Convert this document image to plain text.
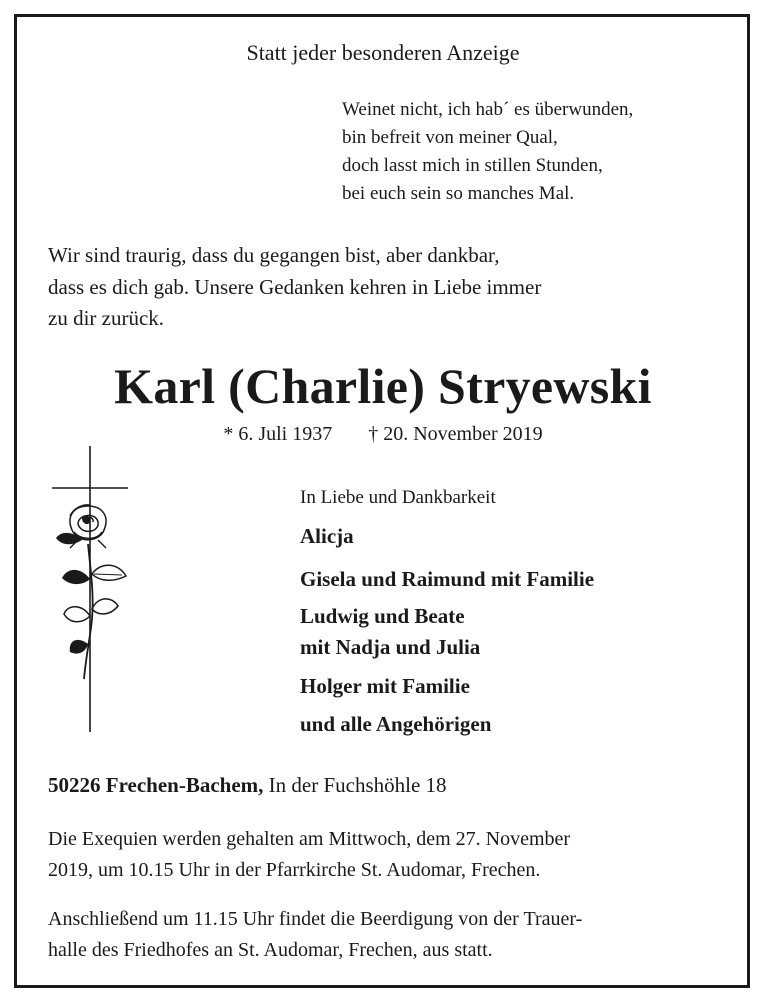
Statt jeder besonderen Anzeige
Weinet nicht, ich hab´ es überwunden,
bin befreit von meiner Qual,
doch lasst mich in stillen Stunden,
bei euch sein so manches Mal.
Wir sind traurig, dass du gegangen bist, aber dankbar,
dass es dich gab. Unsere Gedanken kehren in Liebe immer
zu dir zurück.
Karl (Charlie) Stryewski
* 6. Juli 1937 † 20. November 2019
In Liebe und Dankbarkeit
Alicja
Gisela und Raimund mit Familie
Ludwig und Beate
mit Nadja und Julia
Holger mit Familie
und alle Angehörigen
50226 Frechen-Bachem, In der Fuchshöhle 18
Die Exequien werden gehalten am Mittwoch, dem 27. November
2019, um 10.15 Uhr in der Pfarrkirche St. Audomar, Frechen.
Anschließend um 11.15 Uhr findet die Beerdigung von der Trauer-
halle des Friedhofes an St. Audomar, Frechen, aus statt.
